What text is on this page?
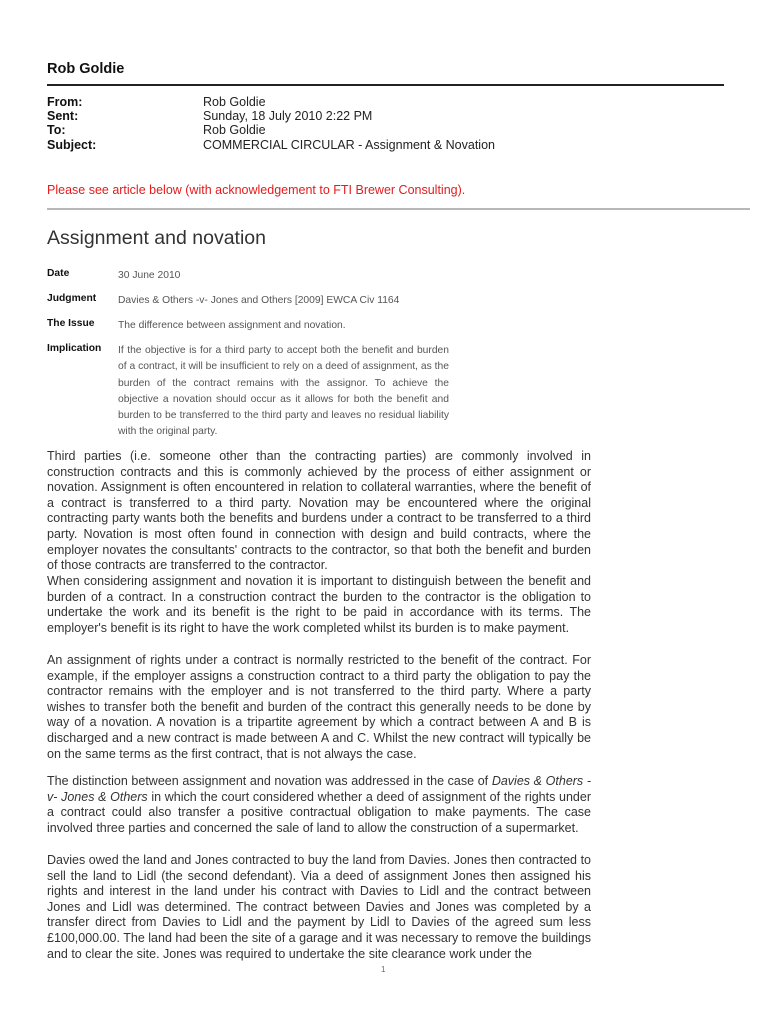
Rob Goldie
From:	Rob Goldie
Sent:	Sunday, 18 July 2010 2:22 PM
To:	Rob Goldie
Subject:	COMMERCIAL CIRCULAR - Assignment & Novation
Please see article below (with acknowledgement to FTI Brewer Consulting).
Assignment and novation
Date	30 June 2010
Judgment Davies & Others -v- Jones and Others [2009] EWCA Civ 1164
The Issue The difference between assignment and novation.
Implication If the objective is for a third party to accept both the benefit and burden of a contract, it will be insufficient to rely on a deed of assignment, as the burden of the contract remains with the assignor. To achieve the objective a novation should occur as it allows for both the benefit and burden to be transferred to the third party and leaves no residual liability with the original party.

Third parties (i.e. someone other than the contracting parties) are commonly involved in construction contracts and this is commonly achieved by the process of either assignment or novation. Assignment is often encountered in relation to collateral warranties, where the benefit of a contract is transferred to a third party. Novation may be encountered where the original contracting party wants both the benefits and burdens under a contract to be transferred to a third party. Novation is most often found in connection with design and build contracts, where the employer novates the consultants' contracts to the contractor, so that both the benefit and burden of those contracts are transferred to the contractor.

When considering assignment and novation it is important to distinguish between the benefit and burden of a contract. In a construction contract the burden to the contractor is the obligation to undertake the work and its benefit is the right to be paid in accordance with its terms. The employer's benefit is its right to have the work completed whilst its burden is to make payment.

An assignment of rights under a contract is normally restricted to the benefit of the contract. For example, if the employer assigns a construction contract to a third party the obligation to pay the contractor remains with the employer and is not transferred to the third party. Where a party wishes to transfer both the benefit and burden of the contract this generally needs to be done by way of a novation. A novation is a tripartite agreement by which a contract between A and B is discharged and a new contract is made between A and C. Whilst the new contract will typically be on the same terms as the first contract, that is not always the case.

The distinction between assignment and novation was addressed in the case of Davies & Others -v- Jones & Others in which the court considered whether a deed of assignment of the rights under a contract could also transfer a positive contractual obligation to make payments. The case involved three parties and concerned the sale of land to allow the construction of a supermarket.

Davies owed the land and Jones contracted to buy the land from Davies. Jones then contracted to sell the land to Lidl (the second defendant). Via a deed of assignment Jones then assigned his rights and interest in the land under his contract with Davies to Lidl and the contract between Jones and Lidl was determined. The contract between Davies and Jones was completed by a transfer direct from Davies to Lidl and the payment by Lidl to Davies of the agreed sum less £100,000.00. The land had been the site of a garage and it was necessary to remove the buildings and to clear the site. Jones was required to undertake the site clearance work under the

1
